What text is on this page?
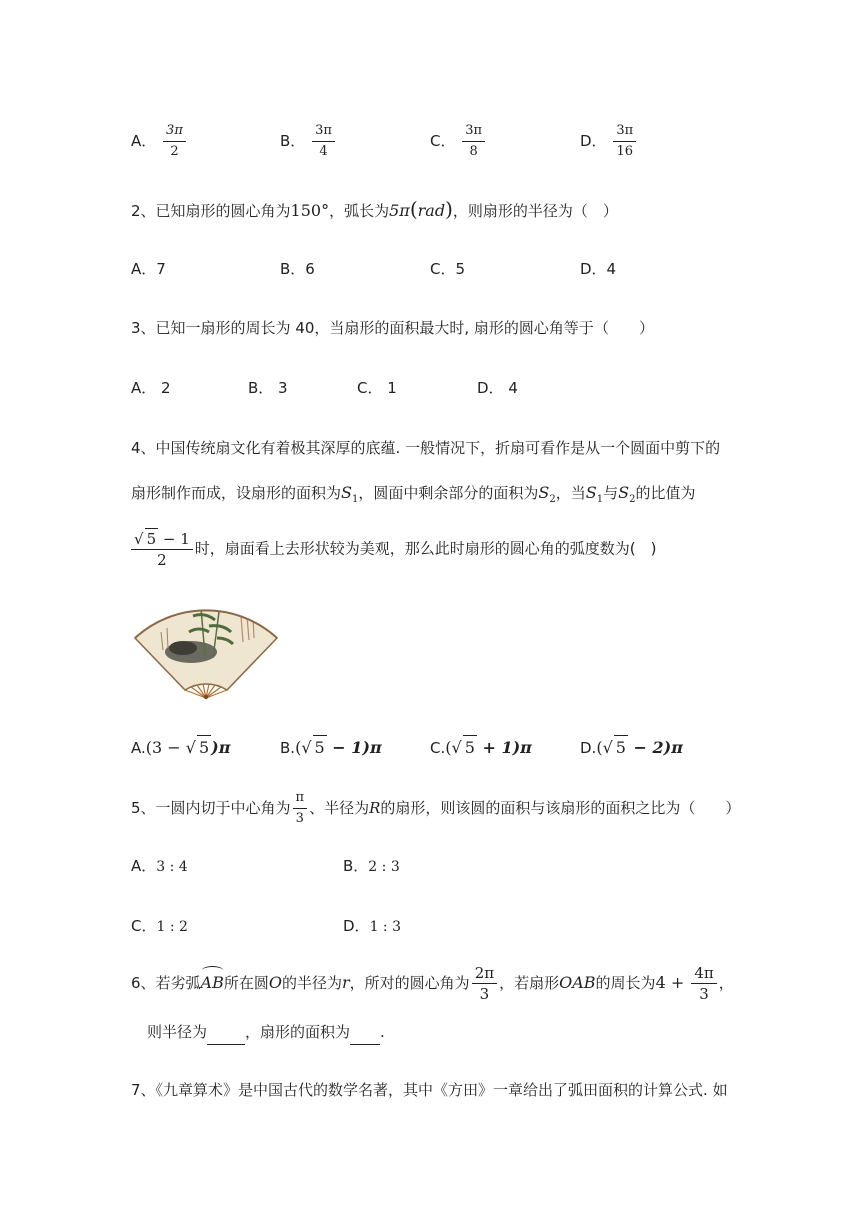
A． $\frac{3\pi}{2}$	B． $\frac{3\pi}{4}$	C． $\frac{3\pi}{8}$	D． $\frac{3\pi}{16}$
2、已知扇形的圆心角为150°，弧长为5π(rad)，则扇形的半径为（　）
A．7	B．6	C．5	D．4
3、已知一扇形的周长为 40，当扇形的面积最大时, 扇形的圆心角等于（　　）
A． 2	B． 3	C． 1	D． 4
4、中国传统扇文化有着极其深厚的底蕴. 一般情况下，折扇可看作是从一个圆面中剪下的
扇形制作而成，设扇形的面积为$S_1$，圆面中剩余部分的面积为$S_2$，当$S_1$与$S_2$的比值为
$\frac{√ 5 - 1}{2}$ 时，扇面看上去形状较为美观，那么此时扇形的圆心角的弧度数为(　)
A.(3 − √ 5 )π	B.(√ 5 − 1)π	C.(√ 5 + 1)π	D.(√ 5 − 2)π
5、一圆内切于中心角为 $\frac{\pi}{3}$ 、半径为R的扇形，则该圆的面积与该扇形的面积之比为（　　）
A．3 : 4	B．2 : 3
C．1 : 2	D．1 : 3
6、若劣弧AB所在圆O的半径为r，所对的圆心角为 $\frac{2\pi}{3}$ ，若扇形OAB的周长为$4 + \frac{4\pi}{3}$ ，
则半径为	，扇形的面积为 .
7、《九章算术》是中国古代的数学名著，其中《方田》一章给出了弧田面积的计算公式. 如
